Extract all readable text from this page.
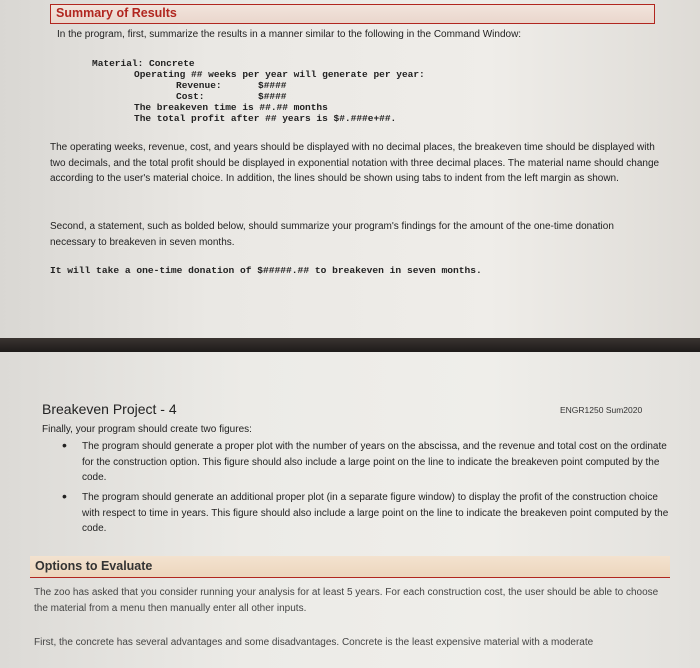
Summary of Results
In the program, first, summarize the results in a manner similar to the following in the Command Window:
Material: Concrete
Operating ## weeks per year will generate per year:
Revenue:	$####
Cost:	$####
The breakeven time is ##.## months
The total profit after ## years is $#.###e+##.
The operating weeks, revenue, cost, and years should be displayed with no decimal places, the breakeven time should be displayed with two decimals, and the total profit should be displayed in exponential notation with three decimal places. The material name should change according to the user's material choice. In addition, the lines should be shown using tabs to indent from the left margin as shown.
Second, a statement, such as bolded below, should summarize your program's findings for the amount of the one-time donation necessary to breakeven in seven months.
It will take a one-time donation of $#####.## to breakeven in seven months.
Breakeven Project - 4	ENGR1250 Sum2020
Finally, your program should create two figures:
• The program should generate a proper plot with the number of years on the abscissa, and the revenue and total cost on the ordinate for the construction option. This figure should also include a large point on the line to indicate the breakeven point computed by the code.
• The program should generate an additional proper plot (in a separate figure window) to display the profit of the construction choice with respect to time in years. This figure should also include a large point on the line to indicate the breakeven point computed by the code.
Options to Evaluate
The zoo has asked that you consider running your analysis for at least 5 years. For each construction cost, the user should be able to choose the material from a menu then manually enter all other inputs.
First, the concrete has several advantages and some disadvantages. Concrete is the least expensive material with a moderate
